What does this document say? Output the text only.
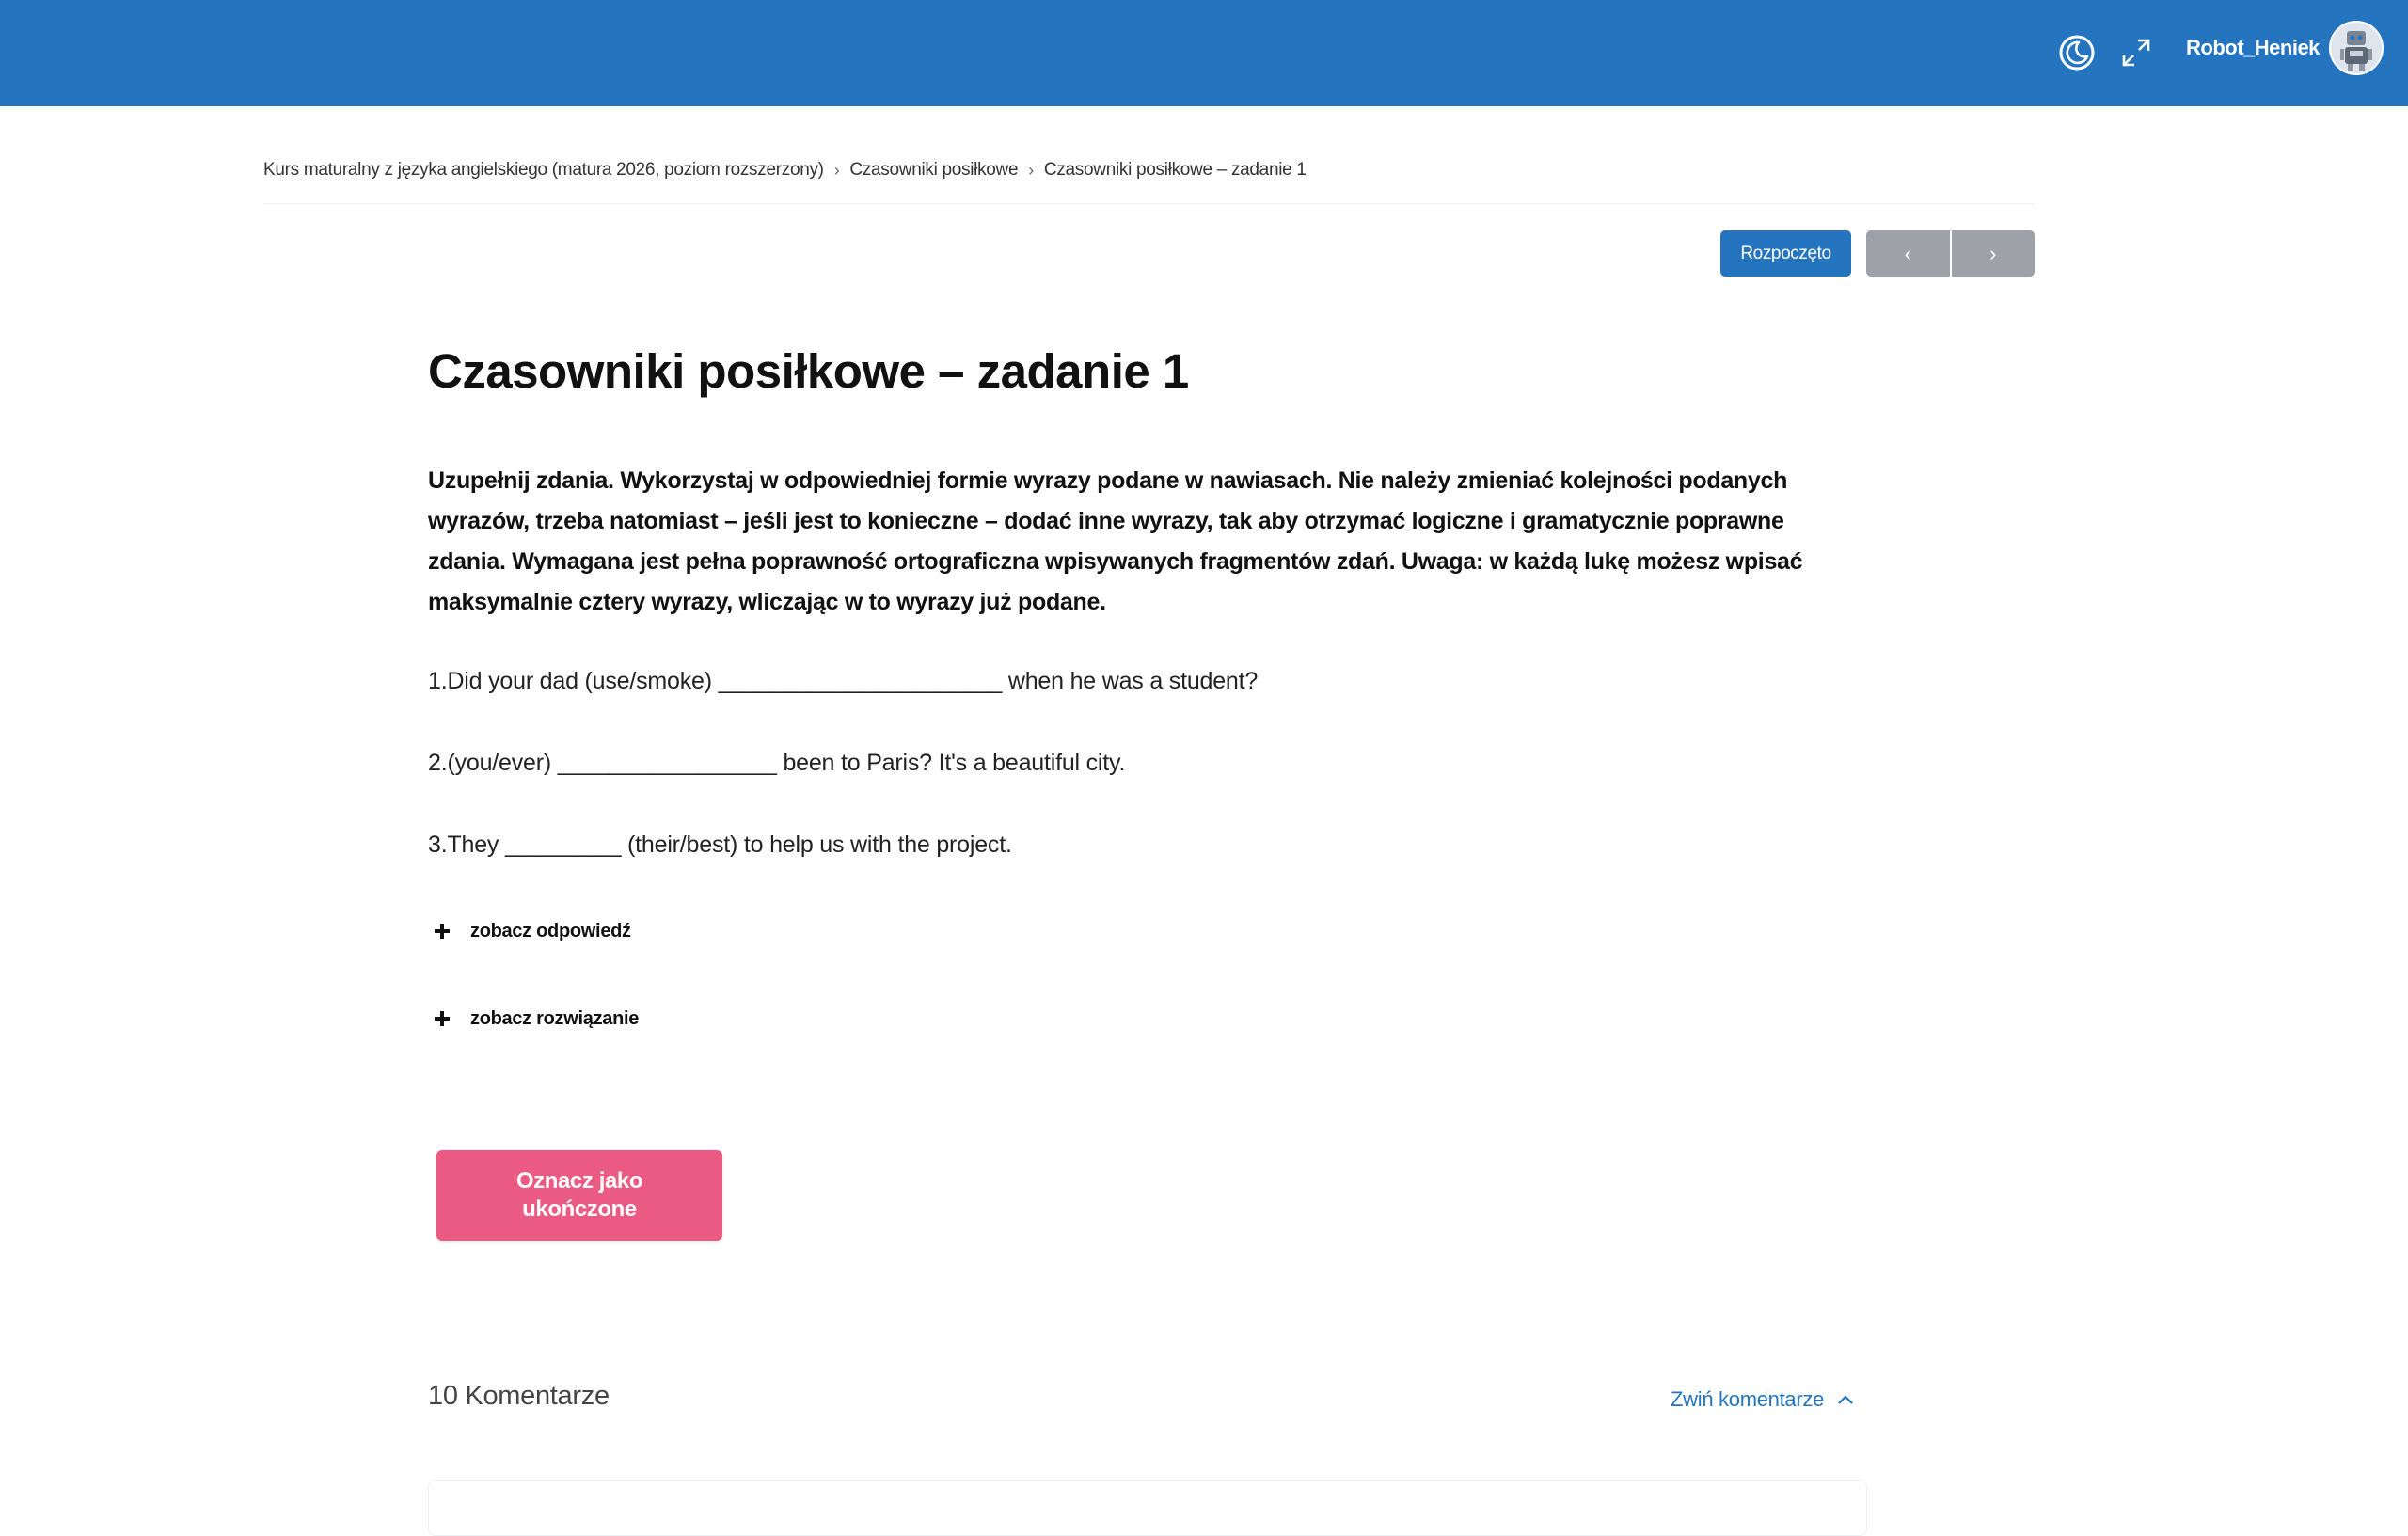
Robot_Heniek
Kurs maturalny z języka angielskiego (matura 2026, poziom rozszerzony) › Czasowniki posiłkowe › Czasowniki posiłkowe – zadanie 1
Rozpoczęto	‹	›
Czasowniki posiłkowe – zadanie 1

Uzupełnij zdania. Wykorzystaj w odpowiedniej formie wyrazy podane w nawiasach. Nie należy zmieniać kolejności podanych wyrazów, trzeba natomiast – jeśli jest to konieczne – dodać inne wyrazy, tak aby otrzymać logiczne i gramatycznie poprawne zdania. Wymagana jest pełna poprawność ortograficzna wpisywanych fragmentów zdań. Uwaga: w każdą lukę możesz wpisać maksymalnie cztery wyrazy, wliczając w to wyrazy już podane.

1.Did your dad (use/smoke) ______________________ when he was a student?

2.(you/ever) _________________ been to Paris? It's a beautiful city.

3.They _________ (their/best) to help us with the project.

zobacz odpowiedź
zobacz rozwiązanie
Oznacz jako ukończone
10 Komentarze	Zwiń komentarze
